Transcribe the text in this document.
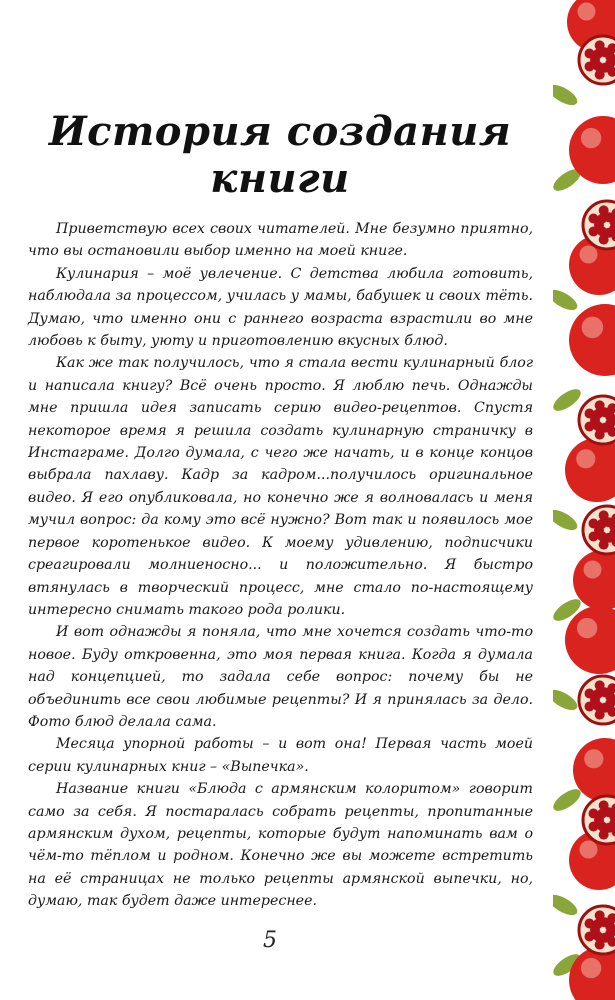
История создания книги

Приветствую всех своих читателей. Мне безумно приятно, что вы остановили выбор именно на моей книге.

Кулинария – моё увлечение. С детства любила готовить, наблюдала за процессом, училась у мамы, бабушек и своих тёть. Думаю, что именно они с раннего возраста взрастили во мне любовь к быту, уюту и приготовлению вкусных блюд.

Как же так получилось, что я стала вести кулинарный блог и написала книгу? Всё очень просто. Я люблю печь. Однажды мне пришла идея записать серию видео-рецептов. Спустя некоторое время я решила создать кулинарную страничку в Инстаграме. Долго думала, с чего же начать, и в конце концов выбрала пахлаву. Кадр за кадром...получилось оригинальное видео. Я его опубликовала, но конечно же я волновалась и меня мучил вопрос: да кому это всё нужно? Вот так и появилось мое первое коротенькое видео. К моему удивлению, подписчики среагировали молниеносно... и положительно. Я быстро втянулась в творческий процесс, мне стало по-настоящему интересно снимать такого рода ролики.

И вот однажды я поняла, что мне хочется создать что-то новое. Буду откровенна, это моя первая книга. Когда я думала над концепцией, то задала себе вопрос: почему бы не объединить все свои любимые рецепты? И я принялась за дело. Фото блюд делала сама.

Месяца упорной работы – и вот она! Первая часть моей серии кулинарных книг – «Выпечка».

Название книги «Блюда с армянским колоритом» говорит само за себя. Я постаралась собрать рецепты, пропитанные армянским духом, рецепты, которые будут напоминать вам о чём-то тёплом и родном. Конечно же вы можете встретить на её страницах не только рецепты армянской выпечки, но, думаю, так будет даже интереснее.

5
